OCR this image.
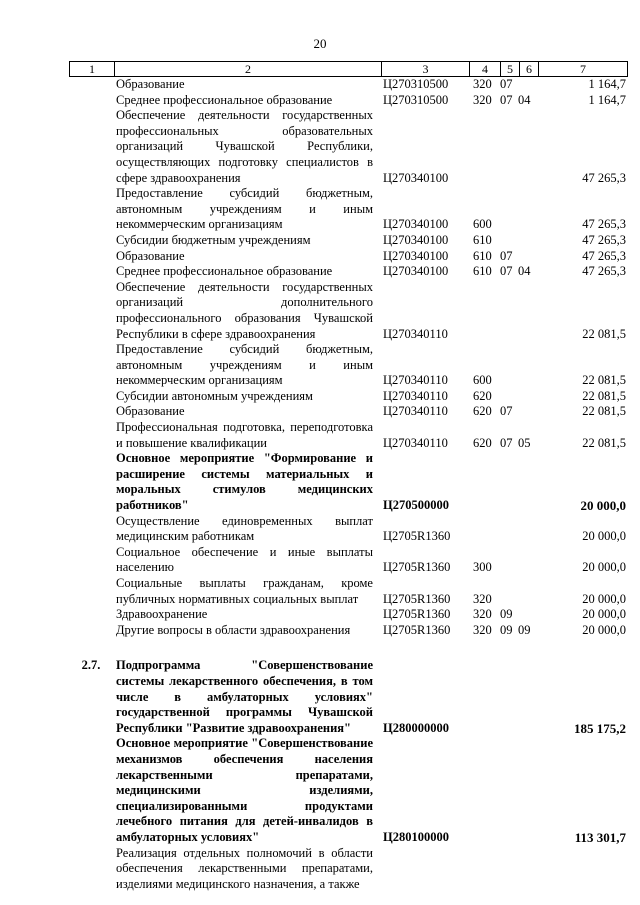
20
1	2	3	4	5	6	7
Образование	Ц270310500	320 07	1 164,7
Среднее профессиональное образование	Ц270310500	320 07 04	1 164,7
Обеспечение деятельности государственных профессиональных образовательных организаций Чувашской Республики, осуществляющих подготовку специалистов в сфере здравоохранения	Ц270340100	47 265,3
Предоставление субсидий бюджетным, автономным учреждениям и иным некоммерческим организациям	Ц270340100	600	47 265,3
Субсидии бюджетным учреждениям	Ц270340100	610	47 265,3
Образование	Ц270340100	610 07	47 265,3
Среднее профессиональное образование	Ц270340100	610 07 04	47 265,3
Обеспечение деятельности государственных организаций дополнительного профессионального образования Чувашской Республики в сфере здравоохранения	Ц270340110	22 081,5
Предоставление субсидий бюджетным, автономным учреждениям и иным некоммерческим организациям	Ц270340110	600	22 081,5
Субсидии автономным учреждениям	Ц270340110	620	22 081,5
Образование	Ц270340110	620 07	22 081,5
Профессиональная подготовка, переподготовка и повышение квалификации	Ц270340110	620 07 05	22 081,5
Основное мероприятие "Формирование и расширение системы материальных и моральных стимулов медицинских работников"	Ц270500000	20 000,0
Осуществление единовременных выплат медицинским работникам	Ц2705R1360	20 000,0
Социальное обеспечение и иные выплаты населению	Ц2705R1360	300	20 000,0
Социальные выплаты гражданам, кроме публичных нормативных социальных выплат	Ц2705R1360	320	20 000,0
Здравоохранение	Ц2705R1360	320 09	20 000,0
Другие вопросы в области здравоохранения	Ц2705R1360	320 09 09	20 000,0
2.7.	Подпрограмма "Совершенствование системы лекарственного обеспечения, в том числе в амбулаторных условиях" государственной программы Чувашской Республики "Развитие здравоохранения"	Ц280000000	185 175,2
Основное мероприятие "Совершенствование механизмов обеспечения населения лекарственными препаратами, медицинскими изделиями, специализированными продуктами лечебного питания для детей-инвалидов в амбулаторных условиях"	Ц280100000	113 301,7
Реализация отдельных полномочий в области обеспечения лекарственными препаратами, изделиями медицинского назначения, а также
